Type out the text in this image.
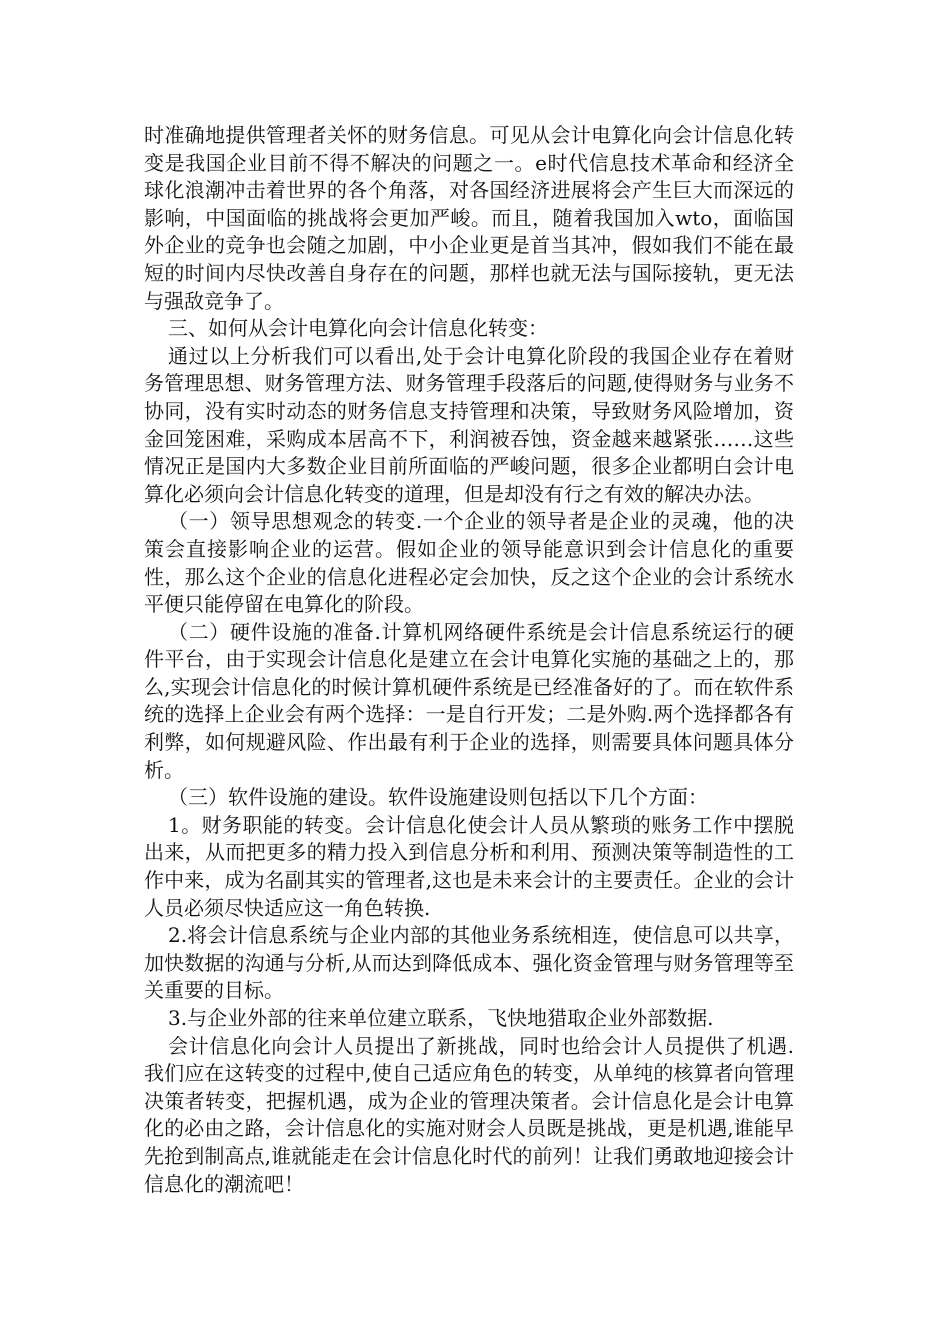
时准确地提供管理者关怀的财务信息。可见从会计电算化向会计信息化转变是我国企业目前不得不解决的问题之一。e时代信息技术革命和经济全球化浪潮冲击着世界的各个角落，对各国经济进展将会产生巨大而深远的影响，中国面临的挑战将会更加严峻。而且，随着我国加入wto，面临国外企业的竞争也会随之加剧，中小企业更是首当其冲，假如我们不能在最短的时间内尽快改善自身存在的问题，那样也就无法与国际接轨，更无法与强敌竞争了。

三、如何从会计电算化向会计信息化转变：

通过以上分析我们可以看出,处于会计电算化阶段的我国企业存在着财务管理思想、财务管理方法、财务管理手段落后的问题,使得财务与业务不协同，没有实时动态的财务信息支持管理和决策，导致财务风险增加，资金回笼困难，采购成本居高不下，利润被吞蚀，资金越来越紧张……这些情况正是国内大多数企业目前所面临的严峻问题，很多企业都明白会计电算化必须向会计信息化转变的道理，但是却没有行之有效的解决办法。

（一）领导思想观念的转变.一个企业的领导者是企业的灵魂，他的决策会直接影响企业的运营。假如企业的领导能意识到会计信息化的重要性，那么这个企业的信息化进程必定会加快，反之这个企业的会计系统水平便只能停留在电算化的阶段。

（二）硬件设施的准备.计算机网络硬件系统是会计信息系统运行的硬件平台，由于实现会计信息化是建立在会计电算化实施的基础之上的，那么,实现会计信息化的时候计算机硬件系统是已经准备好的了。而在软件系统的选择上企业会有两个选择：一是自行开发；二是外购.两个选择都各有利弊，如何规避风险、作出最有利于企业的选择，则需要具体问题具体分析。

（三）软件设施的建设。软件设施建设则包括以下几个方面：

1。财务职能的转变。会计信息化使会计人员从繁琐的账务工作中摆脱出来，从而把更多的精力投入到信息分析和利用、预测决策等制造性的工作中来，成为名副其实的管理者,这也是未来会计的主要责任。企业的会计人员必须尽快适应这一角色转换.

2.将会计信息系统与企业内部的其他业务系统相连，使信息可以共享，加快数据的沟通与分析,从而达到降低成本、强化资金管理与财务管理等至关重要的目标。

3.与企业外部的往来单位建立联系，飞快地猎取企业外部数据.

会计信息化向会计人员提出了新挑战，同时也给会计人员提供了机遇.我们应在这转变的过程中,使自己适应角色的转变，从单纯的核算者向管理决策者转变，把握机遇，成为企业的管理决策者。会计信息化是会计电算化的必由之路，会计信息化的实施对财会人员既是挑战，更是机遇,谁能早先抢到制高点,谁就能走在会计信息化时代的前列！让我们勇敢地迎接会计信息化的潮流吧！
